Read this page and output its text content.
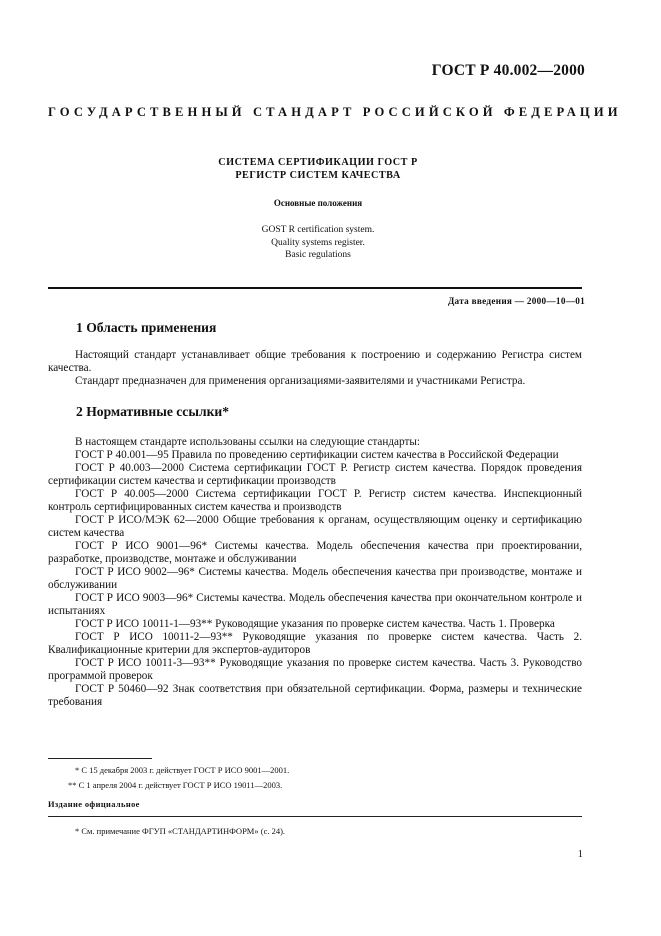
ГОСТ Р 40.002—2000
ГОСУДАРСТВЕННЫЙ СТАНДАРТ РОССИЙСКОЙ ФЕДЕРАЦИИ
СИСТЕМА СЕРТИФИКАЦИИ ГОСТ Р
РЕГИСТР СИСТЕМ КАЧЕСТВА
Основные положения
GOST R certification system.
Quality systems register.
Basic regulations
Дата введения — 2000—10—01
1 Область применения

Настоящий стандарт устанавливает общие требования к построению и содержанию Регистра систем качества.

Стандарт предназначен для применения организациями-заявителями и участниками Регистра.

2 Нормативные ссылки*

В настоящем стандарте использованы ссылки на следующие стандарты:

ГОСТ Р 40.001—95 Правила по проведению сертификации систем качества в Российской Федерации

ГОСТ Р 40.003—2000 Система сертификации ГОСТ Р. Регистр систем качества. Порядок проведения сертификации систем качества и сертификации производств

ГОСТ Р 40.005—2000 Система сертификации ГОСТ Р. Регистр систем качества. Инспекционный контроль сертифицированных систем качества и производств

ГОСТ Р ИСО/МЭК 62—2000 Общие требования к органам, осуществляющим оценку и сертификацию систем качества

ГОСТ Р ИСО 9001—96* Системы качества. Модель обеспечения качества при проектировании, разработке, производстве, монтаже и обслуживании

ГОСТ Р ИСО 9002—96* Системы качества. Модель обеспечения качества при производстве, монтаже и обслуживании

ГОСТ Р ИСО 9003—96* Системы качества. Модель обеспечения качества при окончательном контроле и испытаниях

ГОСТ Р ИСО 10011-1—93** Руководящие указания по проверке систем качества. Часть 1. Проверка

ГОСТ Р ИСО 10011-2—93** Руководящие указания по проверке систем качества. Часть 2. Квалификационные критерии для экспертов-аудиторов

ГОСТ Р ИСО 10011-3—93** Руководящие указания по проверке систем качества. Часть 3. Руководство программой проверок

ГОСТ Р 50460—92 Знак соответствия при обязательной сертификации. Форма, размеры и технические требования

* С 15 декабря 2003 г. действует ГОСТ Р ИСО 9001—2001.

** С 1 апреля 2004 г. действует ГОСТ Р ИСО 19011—2003.

Издание официальное
* См. примечание ФГУП «СТАНДАРТИНФОРМ» (с. 24).
1
